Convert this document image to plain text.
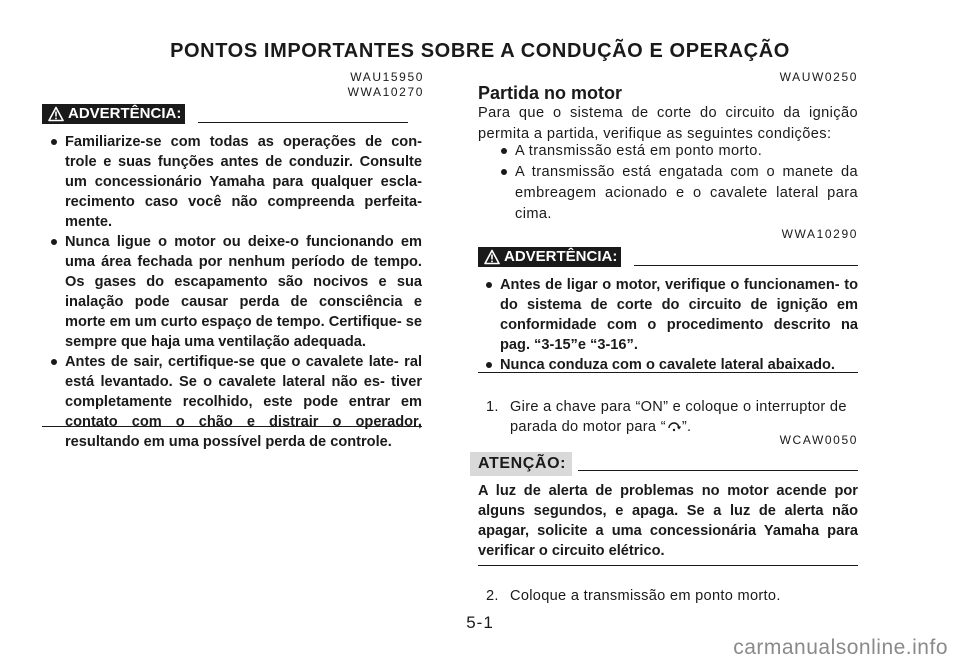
PONTOS IMPORTANTES SOBRE A CONDUÇÃO E OPERAÇÃO
WAU15950
WWA10270
ADVERTÊNCIA:
Familiarize-se com todas as operações de con- trole e suas funções antes de conduzir. Consulte um concessionário Yamaha para qualquer escla- recimento caso você não compreenda perfeita- mente.
Nunca ligue o motor ou deixe-o funcionando em uma área fechada por nenhum período de tempo. Os gases do escapamento são nocivos e sua inalação pode causar perda de consciência e morte em um curto espaço de tempo. Certifique- se sempre que haja uma ventilação adequada.
Antes de sair, certifique-se que o cavalete late- ral está levantado. Se o cavalete lateral não es- tiver completamente recolhido, este pode entrar em contato com o chão e distrair o operador, resultando em uma possível perda de controle.
WAUW0250
Partida no motor
Para que o sistema de corte do circuito da ignição permita a partida, verifique as seguintes condições:
A transmissão está em ponto morto.
A transmissão está engatada com o manete da embreagem acionado e o cavalete lateral para cima.
WWA10290
ADVERTÊNCIA:
Antes de ligar o motor, verifique o funcionamen- to do sistema de corte do circuito de ignição em conformidade com o procedimento descrito na pag. “3-15”e “3-16”.
Nunca conduza com o cavalete lateral abaixado.
1. Gire a chave para “ON” e coloque o interruptor de parada do motor para “ ”.
WCAW0050
ATENÇÃO:
A luz de alerta de problemas no motor acende por alguns segundos, e apaga. Se a luz de alerta não apagar, solicite a uma concessionária Yamaha para verificar o circuito elétrico.
2. Coloque a transmissão em ponto morto.
5-1
carmanualsonline.info
